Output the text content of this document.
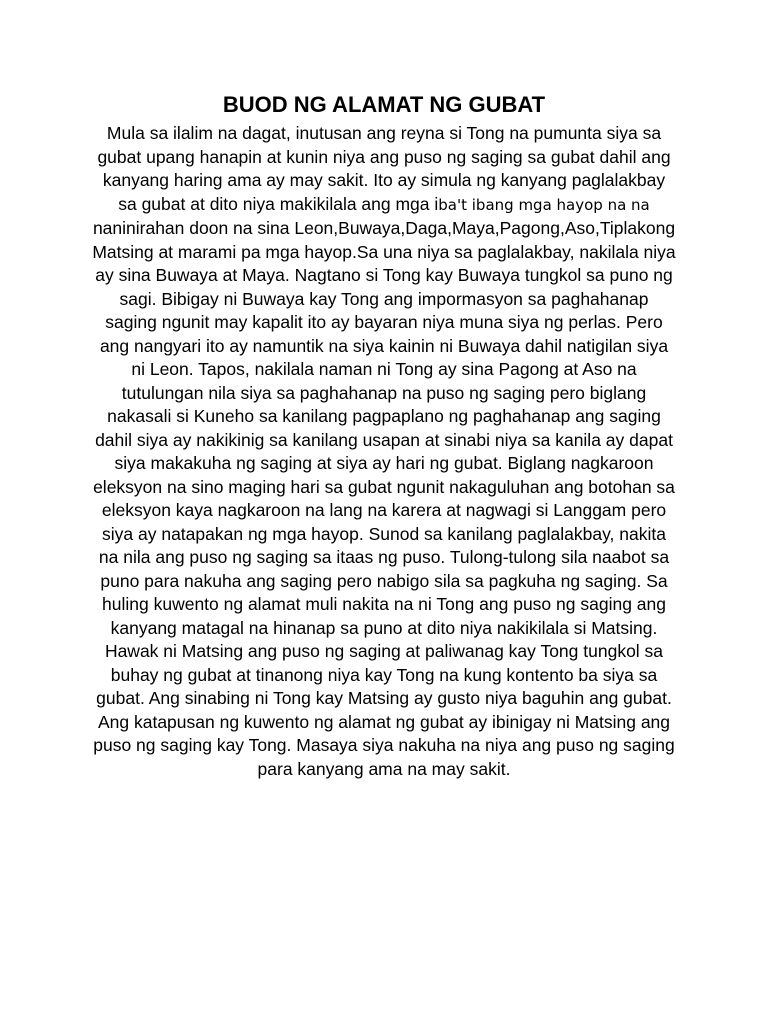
BUOD NG ALAMAT NG GUBAT
Mula sa ilalim na dagat, inutusan ang reyna si Tong na pumunta siya sa
gubat upang hanapin at kunin niya ang puso ng saging sa gubat dahil ang
kanyang haring ama ay may sakit. Ito ay simula ng kanyang paglalakbay
sa gubat at dito niya makikilala ang mga iba't ibang mga hayop na na
naninirahan doon na sina Leon,Buwaya,Daga,Maya,Pagong,Aso,Tiplakong
Matsing at marami pa mga hayop.Sa una niya sa paglalakbay, nakilala niya
ay sina Buwaya at Maya. Nagtano si Tong kay Buwaya tungkol sa puno ng
sagi. Bibigay ni Buwaya kay Tong ang impormasyon sa paghahanap
saging ngunit may kapalit ito ay bayaran niya muna siya ng perlas. Pero
ang nangyari ito ay namuntik na siya kainin ni Buwaya dahil natigilan siya
ni Leon. Tapos, nakilala naman ni Tong ay sina Pagong at Aso na
tutulungan nila siya sa paghahanap na puso ng saging pero biglang
nakasali si Kuneho sa kanilang pagpaplano ng paghahanap ang saging
dahil siya ay nakikinig sa kanilang usapan at sinabi niya sa kanila ay dapat
siya makakuha ng saging at siya ay hari ng gubat. Biglang nagkaroon
eleksyon na sino maging hari sa gubat ngunit nakaguluhan ang botohan sa
eleksyon kaya nagkaroon na lang na karera at nagwagi si Langgam pero
siya ay natapakan ng mga hayop. Sunod sa kanilang paglalakbay, nakita
na nila ang puso ng saging sa itaas ng puso. Tulong-tulong sila naabot sa
puno para nakuha ang saging pero nabigo sila sa pagkuha ng saging. Sa
huling kuwento ng alamat muli nakita na ni Tong ang puso ng saging ang
kanyang matagal na hinanap sa puno at dito niya nakikilala si Matsing.
Hawak ni Matsing ang puso ng saging at paliwanag kay Tong tungkol sa
buhay ng gubat at tinanong niya kay Tong na kung kontento ba siya sa
gubat. Ang sinabing ni Tong kay Matsing ay gusto niya baguhin ang gubat.
Ang katapusan ng kuwento ng alamat ng gubat ay ibinigay ni Matsing ang
puso ng saging kay Tong. Masaya siya nakuha na niya ang puso ng saging
para kanyang ama na may sakit.
